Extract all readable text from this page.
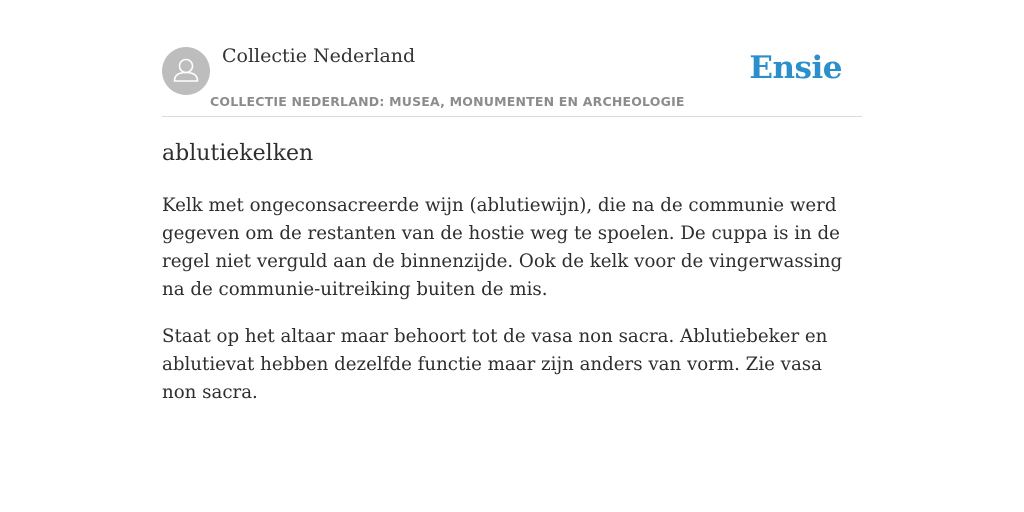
Collectie Nederland
COLLECTIE NEDERLAND: MUSEA, MONUMENTEN EN ARCHEOLOGIE
Ensie
ablutiekelken

Kelk met ongeconsacreerde wijn (ablutiewijn), die na de communie werd gegeven om de restanten van de hostie weg te spoelen. De cuppa is in de regel niet verguld aan de binnenzijde. Ook de kelk voor de vingerwassing na de communie-uitreiking buiten de mis.

Staat op het altaar maar behoort tot de vasa non sacra. Ablutiebeker en ablutievat hebben dezelfde functie maar zijn anders van vorm. Zie vasa non sacra.
